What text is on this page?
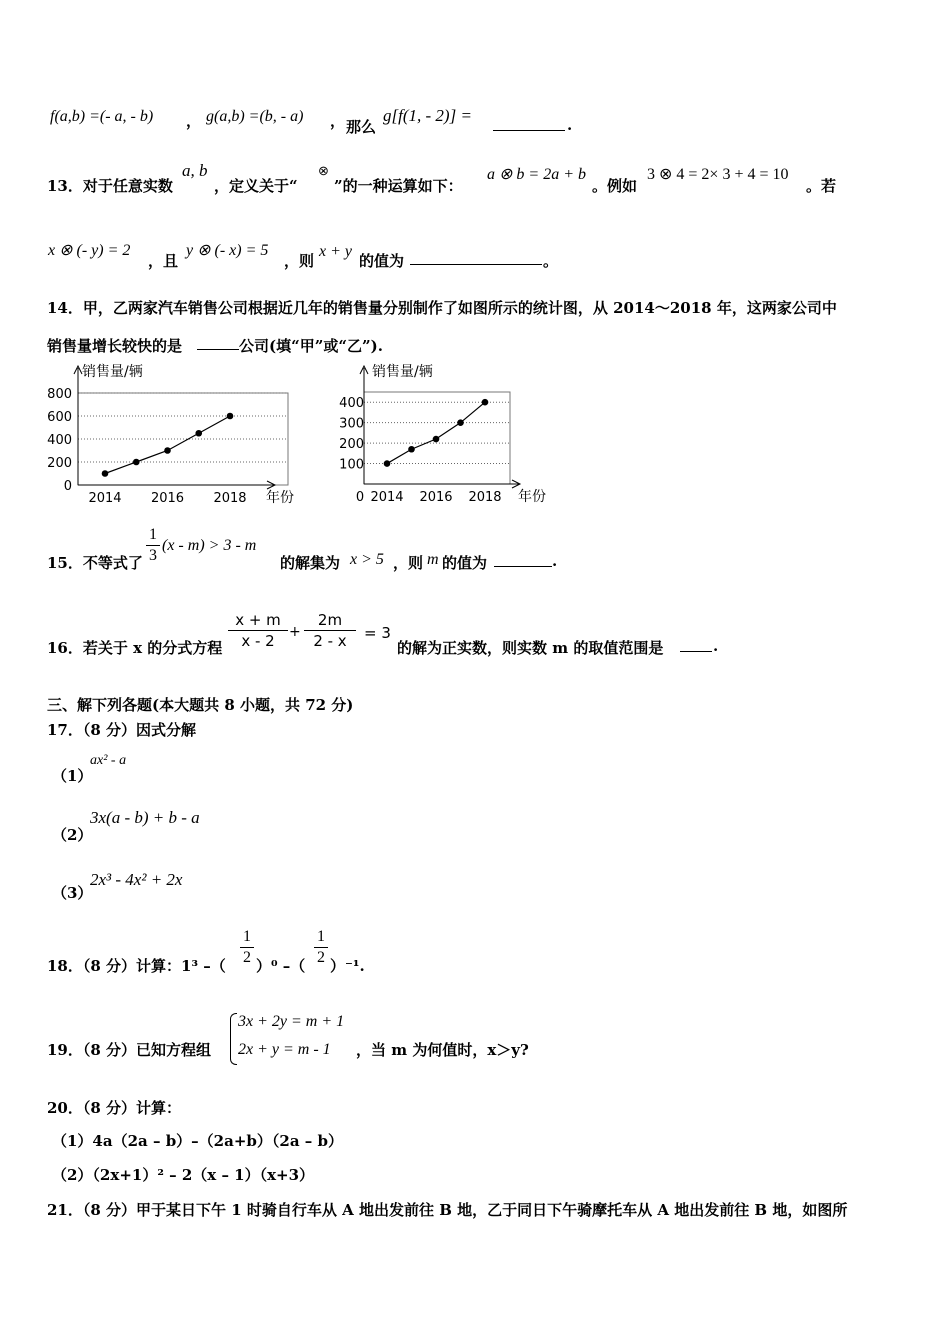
f(a,b) =(- a, - b) ， g(a,b) =(b, - a) ， 那么
g[f(1, - 2)] =	.
13．对于任意实数
a, b
，定义关于“
⊗
”的一种运算如下：
a ⊗ b = 2a + b
。例如
3 ⊗ 4 = 2× 3 + 4 = 10
。若
x ⊗ (- y) = 2
，且
y ⊗ (- x) = 5
，则
x + y
的值为	。
14．甲，乙两家汽车销售公司根据近几年的销售量分别制作了如图所示的统计图，从 2014～2018 年，这两家公司中
销售量增长较快的是	公司(填“甲”或“乙”).
0
200
400
600
800
销售量/辆
年份
2014 2016 2018
100
200
300
400
销售量/辆
年份
0 2014 2016 2018
15．不等式了
1
3
(x - m) > 3 - m
的解集为 x > 5 ，则 m 的值为	.
16．若关于 x 的分式方程
x + m
x - 2	+
2m
2 - x	= 3
的解为正实数，则实数 m 的取值范围是	.
三、解下列各题(本大题共 8 小题，共 72 分)
17．（8 分）因式分解
（1）
ax² - a
（2）
3x(a - b) + b - a
（3）
2x³ - 4x² + 2x
18．（8 分）计算：1³ –（
1
2 ）⁰ –（
1
2 ）⁻¹.
19．（8 分）已知方程组
3x + 2y = m + 1
2x + y = m - 1 ，当 m 为何值时，x＞y?
20．（8 分）计算：
（1）4a（2a – b）–（2a+b）（2a – b）
（2）（2x+1）² – 2（x – 1）（x+3）
21．（8 分）甲于某日下午 1 时骑自行车从 A 地出发前往 B 地，乙于同日下午骑摩托车从 A 地出发前往 B 地，如图所
